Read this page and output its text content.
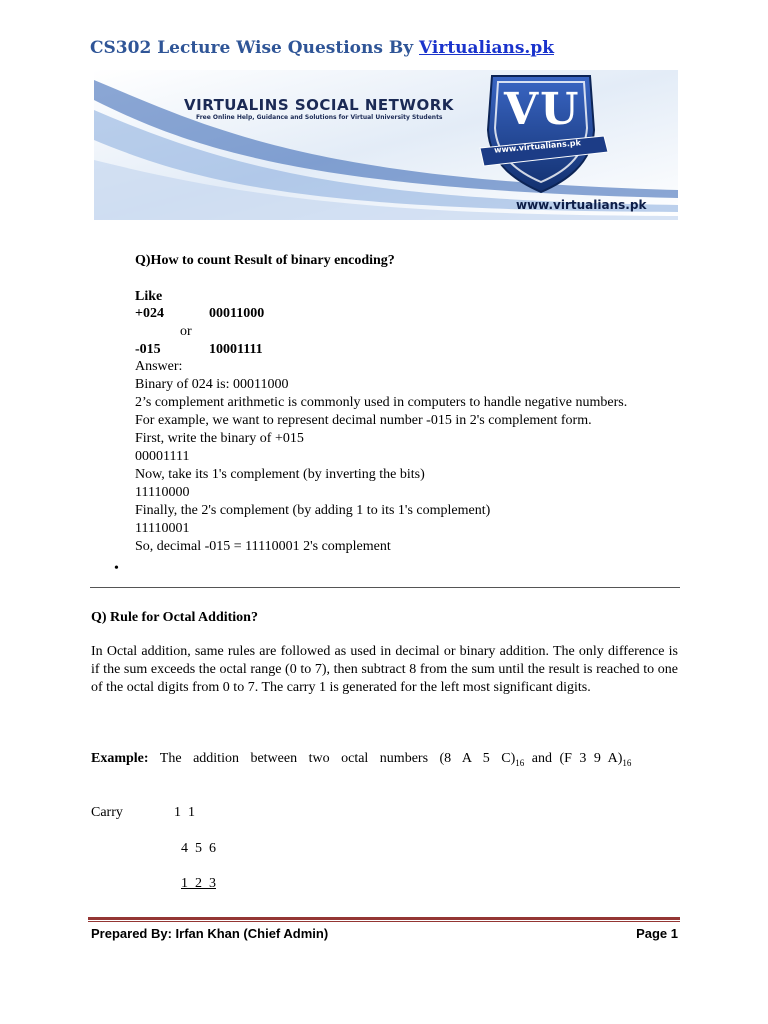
CS302 Lecture Wise Questions By Virtualians.pk
VIRTUALINS SOCIAL NETWORK
Free Online Help, Guidance and Solutions for Virtual University Students VU
www.virtualians.pk
www.virtualians.pk
Q)How to count Result of binary encoding?
Like
+024	00011000
or
-015	10001111
Answer:
Binary of 024 is: 00011000
2’s complement arithmetic is commonly used in computers to handle negative numbers.
For example, we want to represent decimal number -015 in 2's complement form.
First, write the binary of +015
00001111
Now, take its 1's complement (by inverting the bits)
11110000
Finally, the 2's complement (by adding 1 to its 1's complement)
11110001
So, decimal -015 = 11110001 2's complement
•
Q) Rule for Octal Addition?
In Octal addition, same rules are followed as used in decimal or binary addition. The only difference is if the sum exceeds the octal range (0 to 7), then subtract 8 from the sum until the result is reached to one of the octal digits from 0 to 7. The carry 1 is generated for the left most significant digits.
Example: The addition between two octal numbers (8 A 5 $C)_{16}$ and (F 3 9 $A)_{16}$
Carry	1  1
4  5  6
1  2  3
Prepared By: Irfan Khan (Chief Admin)	Page 1
